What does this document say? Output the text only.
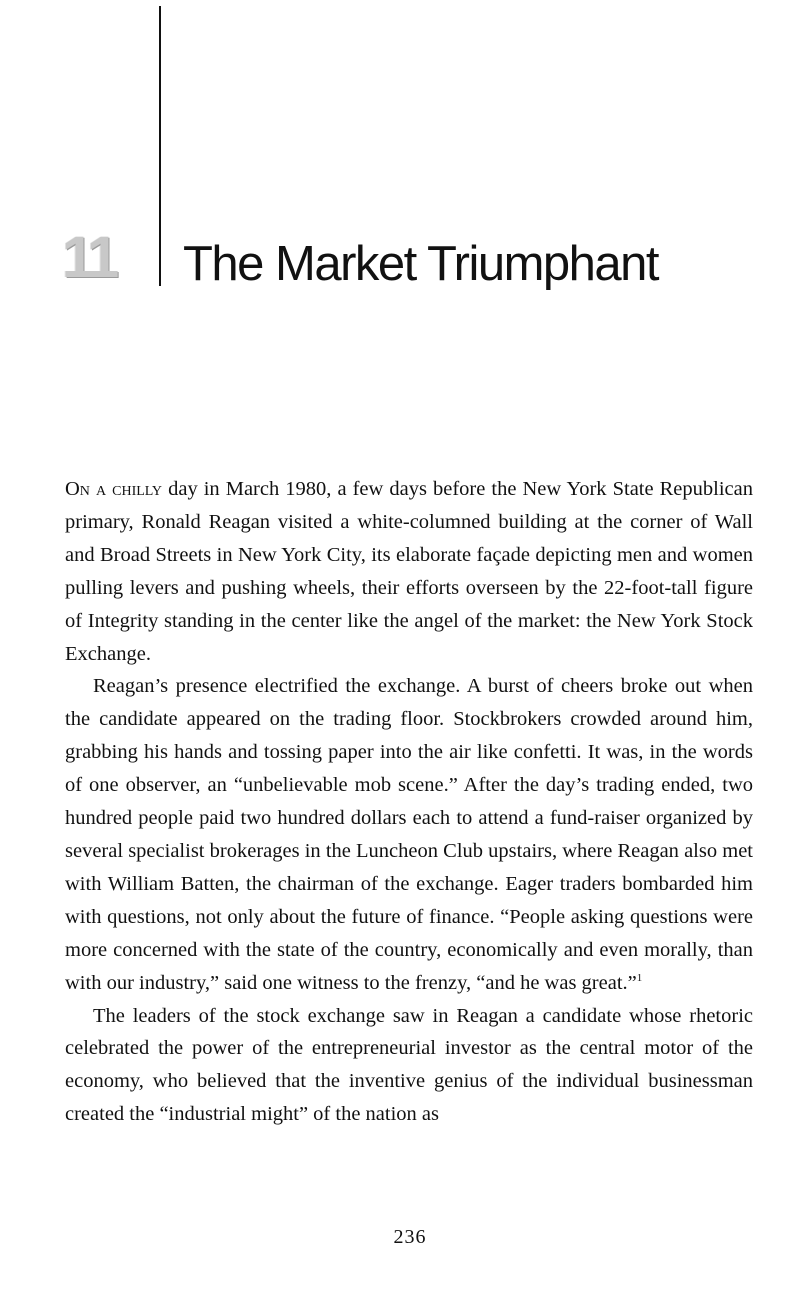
11	The Market Triumphant

On a chilly day in March 1980, a few days before the New York State Republican primary, Ronald Reagan visited a white-columned building at the corner of Wall and Broad Streets in New York City, its elaborate façade depicting men and women pulling levers and pushing wheels, their efforts overseen by the 22-foot-tall figure of Integrity standing in the center like the angel of the market: the New York Stock Exchange.

Reagan’s presence electrified the exchange. A burst of cheers broke out when the candidate appeared on the trading floor. Stockbrokers crowded around him, grabbing his hands and tossing paper into the air like confetti. It was, in the words of one observer, an “unbelievable mob scene.” After the day’s trading ended, two hundred people paid two hundred dollars each to attend a fund-raiser organized by several specialist brokerages in the Luncheon Club upstairs, where Reagan also met with William Batten, the chairman of the exchange. Eager traders bombarded him with questions, not only about the future of finance. “People asking questions were more concerned with the state of the country, economically and even morally, than with our industry,” said one witness to the frenzy, “and he was great.”$^1$

The leaders of the stock exchange saw in Reagan a candidate whose rhetoric celebrated the power of the entrepreneurial investor as the central motor of the economy, who believed that the inventive genius of the individual businessman created the “industrial might” of the nation as

236
